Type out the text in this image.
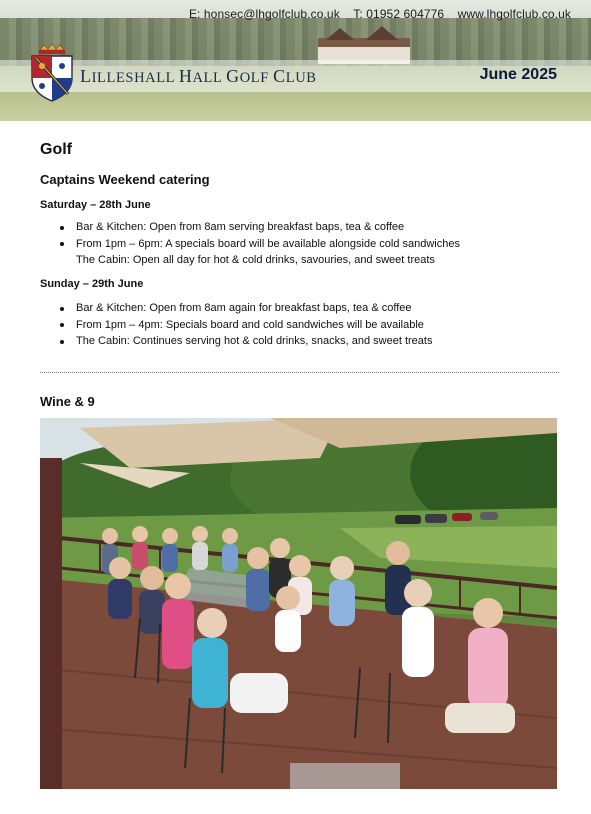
E: honsec@lhgolfclub.co.uk T: 01952 604776 www.lhgolfclub.co.uk
LILLESHALL HALL GOLF CLUB	June 2025
Golf
Captains Weekend catering
Saturday – 28th June
Bar & Kitchen: Open from 8am serving breakfast baps, tea & coffee
From 1pm – 6pm: A specials board will be available alongside cold sandwiches
The Cabin: Open all day for hot & cold drinks, savouries, and sweet treats
Sunday – 29th June
Bar & Kitchen: Open from 8am again for breakfast baps, tea & coffee
From 1pm – 4pm: Specials board and cold sandwiches will be available
The Cabin: Continues serving hot & cold drinks, snacks, and sweet treats
Wine & 9
